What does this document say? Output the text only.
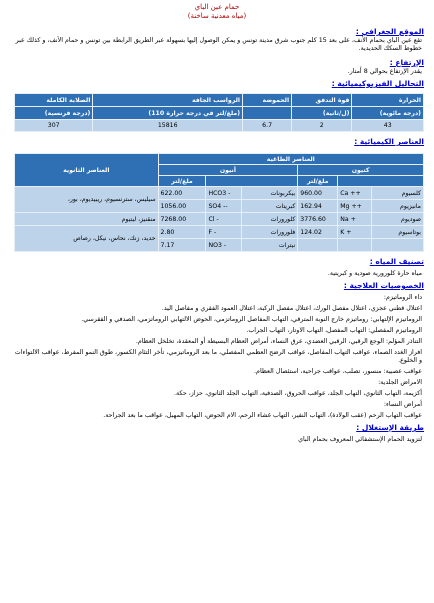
حمام عين الباي
(مياه معدنية ساخنة)
الموقع الجغرافي :
تقع عين الباي بحمام الأنف، على بعد 15 كلم جنوب شرق مدينة تونس و يمكن الوصول إليها بسهولة عبر الطريق الرابطة بين تونس و حمام الأنف، و كذلك عبر خطوط السكك الحديدية.
الإرتفاع :
يقدر الإرتفاع بحوالي 8 أمتار.
التحاليل الفيزيوكيميائية :
الحرارة	قوة التدفق	الحموضة	الرواسب الجافة	الصلابة الكاملة
(درجة مائوية)	(ل/ثانية)		(ملغ/لتر في درجة حرارة 110)	(درجة فرنسية)
43	2	6.7	15816	307
العناصر الكيميائية :
العناصر الطاغية						العناصر الثانوية
كتيون			أنيون			
		ملغ/لتر			ملغ/لتر	
كلسيوم	Ca ++	960.00	بيكربونات	HCO3 -	622.00	سيليس، سترنسيوم، ريبيديوم، بور،
مانيزيوم	Mg ++	162.94	كبريتات	SO4 --	1056.00	
صوديوم	Na +	3776.60	كلورورات	Cl -	7268.00	منقنيز، ليتيوم
بوتاسيوم	K +	124.02	فلورورات	F -	2.80	حديد، زنك، نحاس، نيكل، رصاص
			نيترات	NO3 -	7.17	
تصنيف المياه :
مياه حارة كلورورية صودية و كبريتية.
الخصوصيات العلاجية :
داء الروماتيزم:
اعتلال قطني عجزي، اعتلال مفصل الورك، اعتلال مفصل الركبة، اعتلال العمود الفقري و مفاصل اليد.
الروماتيزم الإلتهابي: روماتيزم خارج النوبة المترقي، التهاب المفاصل الروماتزمي، الحوض الالتهابي الروماتزمي، الصدفي و الفقرسي.
الروماتيزم المفصلي: التهاب المفصل، التهاب الاوتار، التهاب الجراب.
التناذر المؤلم: الوجع الرقبي، الرقبي العضدي، عرق النساء، أمراض العظام البسيطة أو المعقدة، تخلخل العظام.
افراز الغدد الصماء، عواقب التهاب المفاصل، عواقب الرضح العظمي المفصلي، ما بعد الروماتيزمي، تأخر التئام الكسور، طوق النمو المفرط، عواقب الالتواءات و الخلوع.
عواقب عصبية: منسور، تصلب، عواقب جراحية، استئصال العظام.
الامراض الجلدية:
أكزيمة، التهاب الثانوي، التهاب الجلد، عواقب الحروق، الصدفية، التهاب الجلد الثانوي، حزاز، حكة.
أمراض النساء:
عواقب التهاب الرحم (عقب الولادة)، التهاب النفير، التهاب غشاء الرحم، الام الحوض، التهاب المهبل، عواقب ما بعد الجراحة.
طريقة الإستغلال :
لتزويد الحمام الإستشفائي المعروف بحمام الباي
